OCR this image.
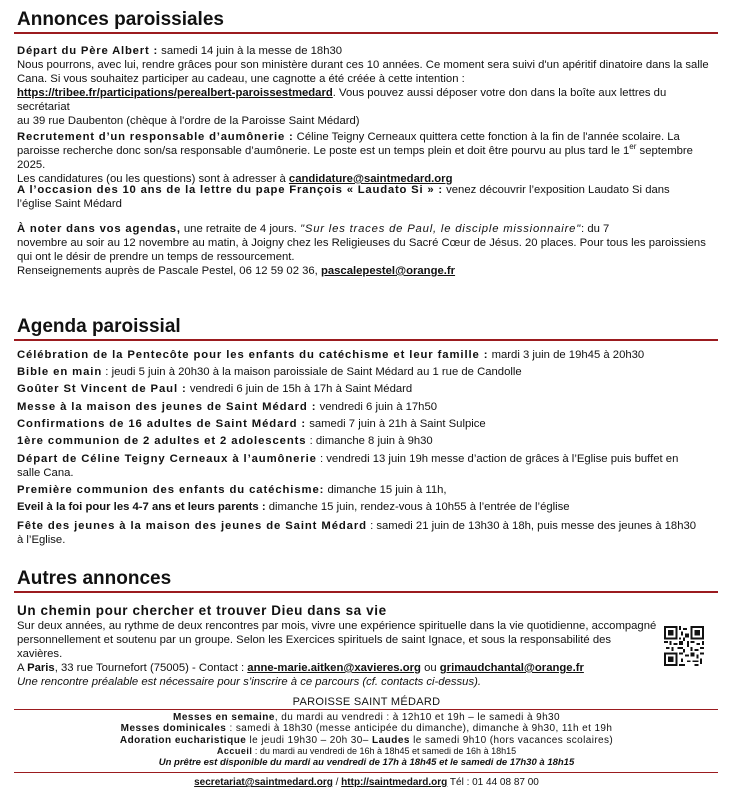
Annonces paroissiales
Départ du Père Albert : samedi 14 juin à la messe de 18h30
Nous pourrons, avec lui, rendre grâces pour son ministère durant ces 10 années. Ce moment sera suivi d'un apéritif dinatoire dans la salle
Cana. Si vous souhaitez participer au cadeau, une cagnotte a été créée à cette intention :
https://tribee.fr/participations/perealbert-paroissestmedard. Vous pouvez aussi déposer votre don dans la boîte aux lettres du secrétariat
au 39 rue Daubenton (chèque à l'ordre de la Paroisse Saint Médard)
Recrutement d’un responsable d’aumônerie : Céline Teigny Cerneaux quittera cette fonction à la fin de l'année scolaire. La
paroisse recherche donc son/sa responsable d’aumônerie. Le poste est un temps plein et doit être pourvu au plus tard le 1er septembre 2025.
Les candidatures (ou les questions) sont à adresser à candidature@saintmedard.org
A l’occasion des 10 ans de la lettre du pape François « Laudato Si » : venez découvrir l’exposition Laudato Si dans
l’église Saint Médard
À noter dans vos agendas, une retraite de 4 jours. "Sur les traces de Paul, le disciple missionnaire": du 7
novembre au soir au 12 novembre au matin, à Joigny chez les Religieuses du Sacré Cœur de Jésus. 20 places. Pour tous les paroissiens
qui ont le désir de prendre un temps de ressourcement.
Renseignements auprès de Pascale Pestel, 06 12 59 02 36, pascalepestel@orange.fr
Agenda paroissial
Célébration de la Pentecôte pour les enfants du catéchisme et leur famille : mardi 3 juin de 19h45 à 20h30
Bible en main : jeudi 5 juin à 20h30 à la maison paroissiale de Saint Médard au 1 rue de Candolle
Goûter St Vincent de Paul : vendredi 6 juin de 15h à 17h à Saint Médard
Messe à la maison des jeunes de Saint Médard : vendredi 6 juin à 17h50
Confirmations de 16 adultes de Saint Médard : samedi 7 juin à 21h à Saint Sulpice
1ère communion de 2 adultes et 2 adolescents : dimanche 8 juin à 9h30
Départ de Céline Teigny Cerneaux à l’aumônerie : vendredi 13 juin 19h messe d’action de grâces à l’Eglise puis buffet en
salle Cana.
Première communion des enfants du catéchisme: dimanche 15 juin à 11h,
Eveil à la foi pour les 4-7 ans et leurs parents : dimanche 15 juin, rendez-vous à 10h55 à l’entrée de l’église
Fête des jeunes à la maison des jeunes de Saint Médard : samedi 21 juin de 13h30 à 18h, puis messe des jeunes à 18h30
à l’Eglise.
Autres annonces
Un chemin pour chercher et trouver Dieu dans sa vie
Sur deux années, au rythme de deux rencontres par mois, vivre une expérience spirituelle dans la vie quotidienne, accompagné
personnellement et soutenu par un groupe. Selon les Exercices spirituels de saint Ignace, et sous la responsabilité des xavières.
A Paris, 33 rue Tournefort (75005) - Contact : anne-marie.aitken@xavieres.org ou grimaudchantal@orange.fr
Une rencontre préalable est nécessaire pour s’inscrire à ce parcours (cf. contacts ci-dessus).
PAROISSE SAINT MÉDARD
Messes en semaine, du mardi au vendredi : à 12h10 et 19h – le samedi à 9h30
Messes dominicales : samedi à 18h30 (messe anticipée du dimanche), dimanche à 9h30, 11h et 19h
Adoration eucharistique le jeudi 19h30 – 20h 30– Laudes le samedi 9h10 (hors vacances scolaires)
Accueil : du mardi au vendredi de 16h à 18h45 et samedi de 16h à 18h15
Un prêtre est disponible du mardi au vendredi de 17h à 18h45 et le samedi de 17h30 à 18h15
secretariat@saintmedard.org / http://saintmedard.org Tél : 01 44 08 87 00
